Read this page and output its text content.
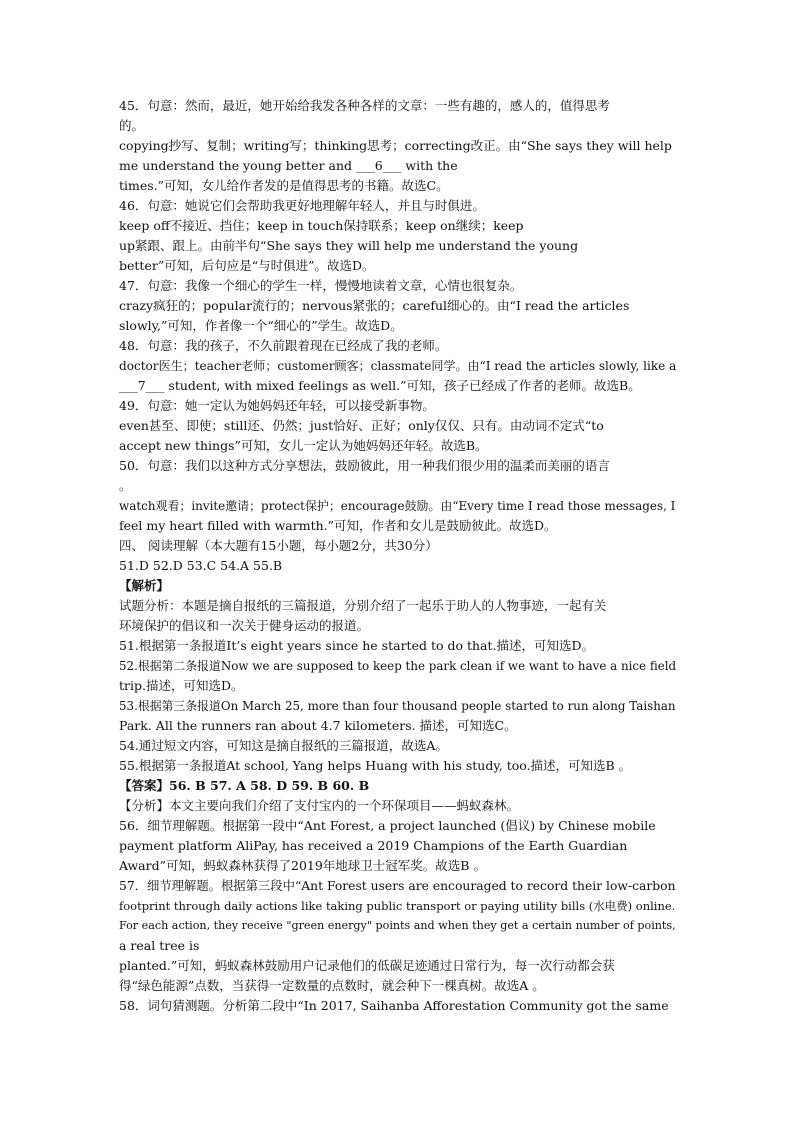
45．句意：然而，最近，她开始给我发各种各样的文章：一些有趣的，感人的，值得思考
的。
copying抄写、复制；writing写；thinking思考；correcting改正。由“She says they will help
me understand the young better and ___6___ with the
times.”可知，女儿给作者发的是值得思考的书籍。故选C。
46．句意：她说它们会帮助我更好地理解年轻人，并且与时俱进。
keep off不接近、挡住；keep in touch保持联系；keep on继续；keep
up紧跟、跟上。由前半句“She says they will help me understand the young
better”可知，后句应是“与时俱进”。故选D。
47．句意：我像一个细心的学生一样，慢慢地读着文章，心情也很复杂。
crazy疯狂的；popular流行的；nervous紧张的；careful细心的。由“I read the articles
slowly,”可知，作者像一个“细心的”学生。故选D。
48．句意：我的孩子，不久前跟着现在已经成了我的老师。
doctor医生；teacher老师；customer顾客；classmate同学。由“I read the articles slowly, like a
___7___ student, with mixed feelings as well.”可知，孩子已经成了作者的老师。故选B。
49．句意：她一定认为她妈妈还年轻，可以接受新事物。
even甚至、即使；still还、仍然；just恰好、正好；only仅仅、只有。由动词不定式“to
accept new things”可知，女儿一定认为她妈妈还年轻。故选B。
50．句意：我们以这种方式分享想法，鼓励彼此，用一种我们很少用的温柔而美丽的语言
。
watch观看；invite邀请；protect保护；encourage鼓励。由“Every time I read those messages, I
feel my heart filled with warmth.”可知，作者和女儿是鼓励彼此。故选D。
四、 阅读理解（本大题有15小题，每小题2分，共30分）
51.D 52.D 53.C 54.A 55.B
【解析】
试题分析：本题是摘自报纸的三篇报道，分别介绍了一起乐于助人的人物事迹，一起有关
环境保护的倡议和一次关于健身运动的报道。
51.根据第一条报道It’s eight years since he started to do that.描述，可知选D。
52.根据第二条报道Now we are supposed to keep the park clean if we want to have a nice field
trip.描述，可知选D。
53.根据第三条报道On March 25, more than four thousand people started to run along Taishan
Park. All the runners ran about 4.7 kilometers. 描述，可知选C。
54.通过短文内容，可知这是摘自报纸的三篇报道，故选A。
55.根据第一条报道At school, Yang helps Huang with his study, too.描述，可知选B 。
【答案】56. B 57. A 58. D 59. B 60. B
【分析】本文主要向我们介绍了支付宝内的一个环保项目——蚂蚁森林。
56．细节理解题。根据第一段中“Ant Forest, a project launched (倡议) by Chinese mobile
payment platform AliPay, has received a 2019 Champions of the Earth Guardian
Award”可知，蚂蚁森林获得了2019年地球卫士冠军奖。故选B 。
57．细节理解题。根据第三段中“Ant Forest users are encouraged to record their low-carbon
footprint through daily actions like taking public transport or paying utility bills (水电费) online.
For each action, they receive "green energy" points and when they get a certain number of points,
a real tree is
planted.”可知，蚂蚁森林鼓励用户记录他们的低碳足迹通过日常行为，每一次行动都会获
得“绿色能源”点数，当获得一定数量的点数时，就会种下一棵真树。故选A 。
58．词句猜测题。分析第二段中“In 2017, Saihanba Afforestation Community got the same
